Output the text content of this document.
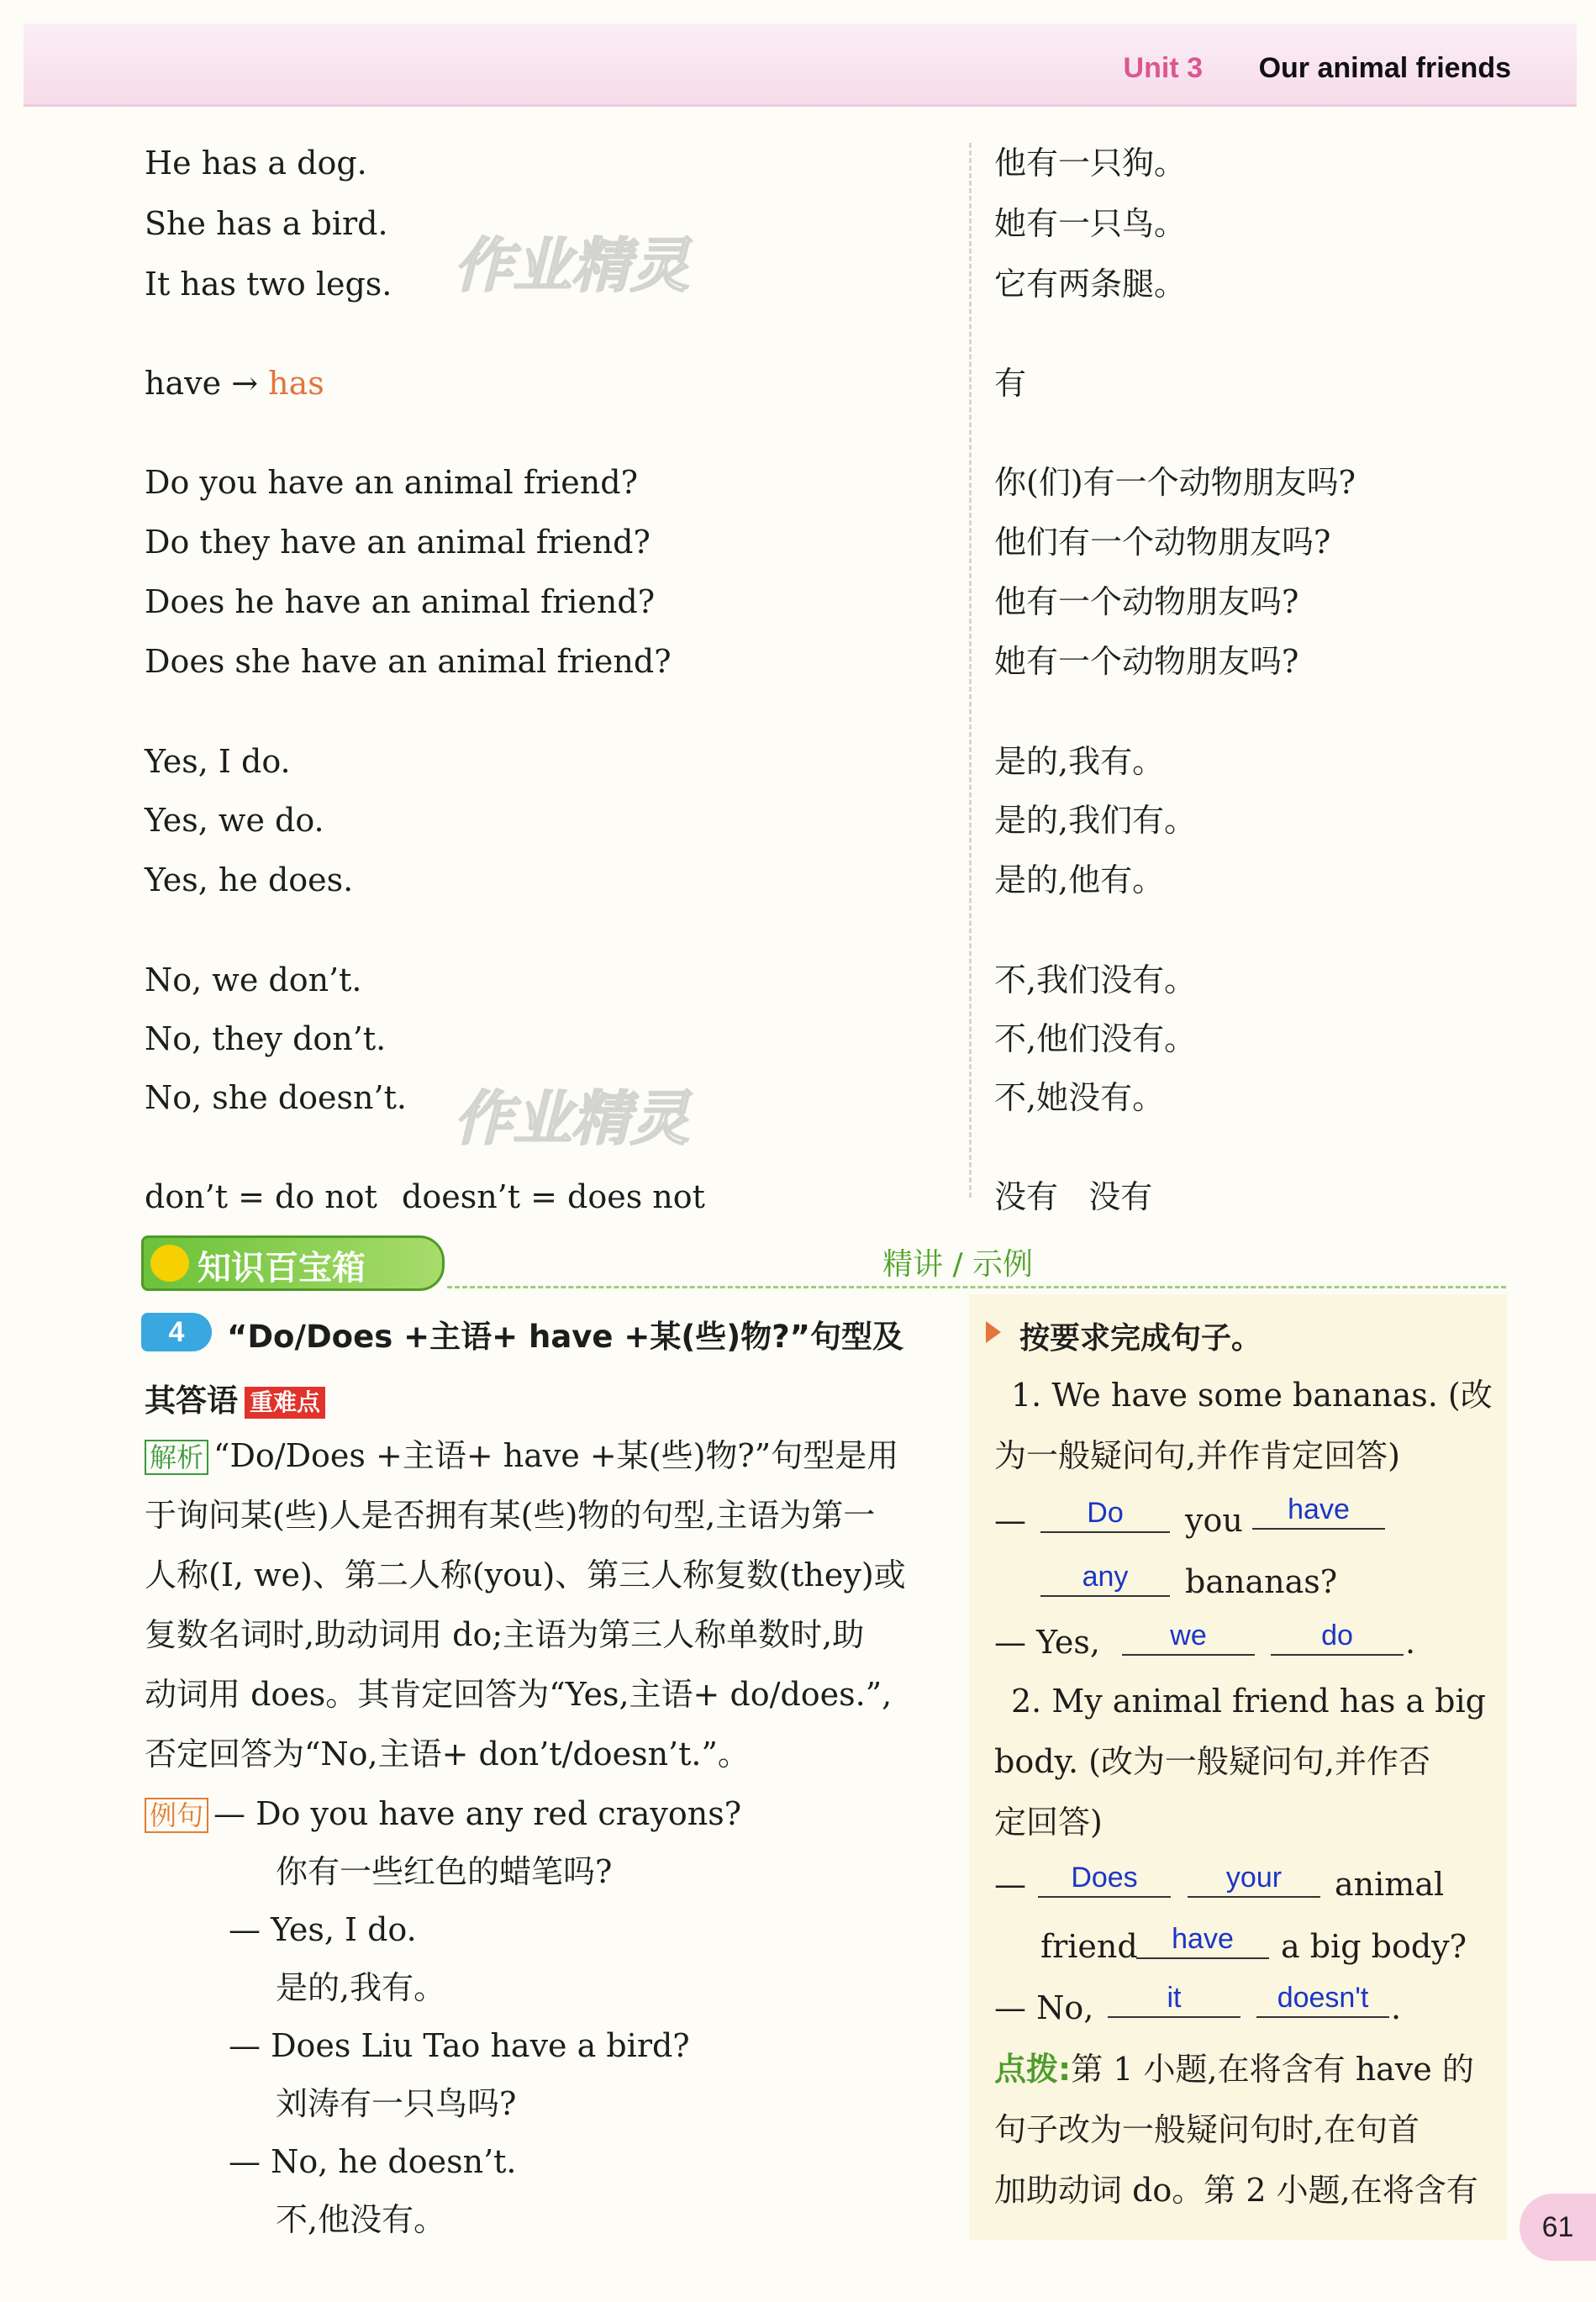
Unit 3 Our animal friends
作业精灵
作业精灵
He has a dog.
She has a bird.
It has two legs.
他有一只狗。
她有一只鸟。
它有两条腿。
have → has	有
Do you have an animal friend?
Do they have an animal friend?
Does he have an animal friend?
Does she have an animal friend?
你(们)有一个动物朋友吗?
他们有一个动物朋友吗?
他有一个动物朋友吗?
她有一个动物朋友吗?
Yes, I do.
Yes, we do.
Yes, he does.
是的,我有。
是的,我们有。
是的,他有。
No, we don’t.
No, they don’t.
No, she doesn’t.
不,我们没有。
不,他们没有。
不,她没有。
don’t = do not doesn’t = does not	没有   没有
知识百宝箱	精讲 / 示例
4	“Do/Does +主语+ have +某(些)物?”句型及
其答语 重难点
解析 “Do/Does +主语+ have +某(些)物?”句型是用
于询问某(些)人是否拥有某(些)物的句型,主语为第一
人称(I, we)、第二人称(you)、第三人称复数(they)或
复数名词时,助动词用 do;主语为第三人称单数时,助
动词用 does。其肯定回答为“Yes,主语+ do/does.”,
否定回答为“No,主语+ don’t/doesn’t.”。
例句 — Do you have any red crayons?
你有一些红色的蜡笔吗?
— Yes, I do.
是的,我有。
— Does Liu Tao have a bird?
刘涛有一只鸟吗?
— No, he doesn’t.
不,他没有。
按要求完成句子。
1. We have some bananas. (改
为一般疑问句,并作肯定回答)
—	Do	you	have
any	bananas?
— Yes,	we	do	.
2. My animal friend has a big
body. (改为一般疑问句,并作否
定回答)
—	Does	your	animal
friend	have	a big body?
— No,	it	doesn't .
点拨:第 1 小题,在将含有 have 的
句子改为一般疑问句时,在句首
加助动词 do。第 2 小题,在将含有
61
